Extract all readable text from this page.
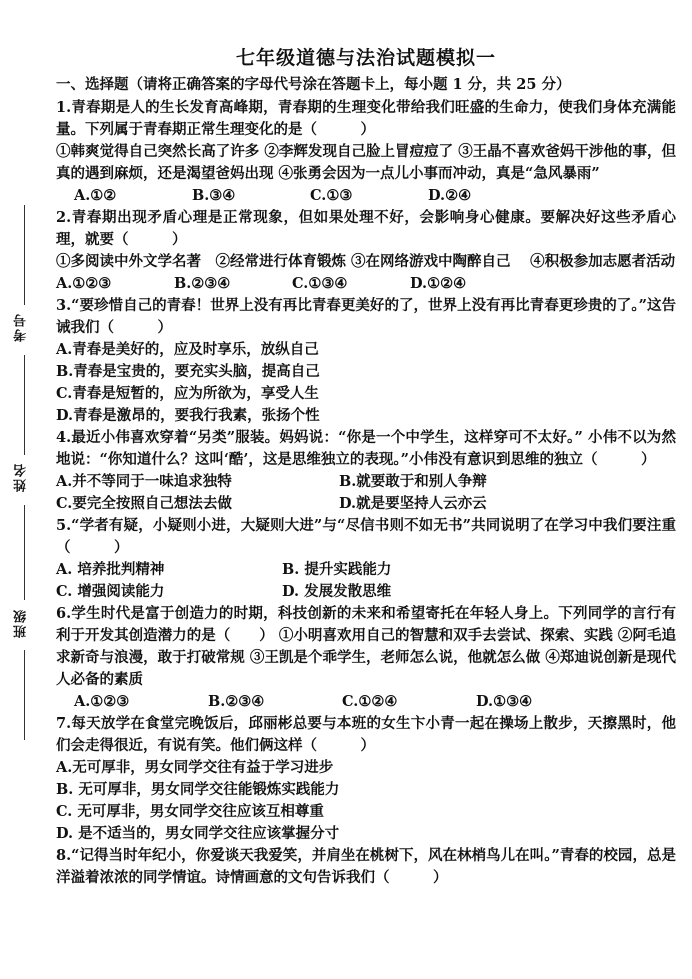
考号
姓名
班级
七年级道德与法治试题模拟一
一、选择题（请将正确答案的字母代号涂在答题卡上，每小题 1 分，共 25 分）
1.青春期是人的生长发育高峰期，青春期的生理变化带给我们旺盛的生命力，使我们身体充满能量。下列属于青春期正常生理变化的是（　　　）
①韩爽觉得自己突然长高了许多 ②李辉发现自己脸上冒痘痘了 ③王晶不喜欢爸妈干涉他的事，但真的遇到麻烦，还是渴望爸妈出现 ④张勇会因为一点儿小事而冲动，真是“急风暴雨”
A.①②	B.③④	C.①③	D.②④
2.青春期出现矛盾心理是正常现象，但如果处理不好，会影响身心健康。要解决好这些矛盾心理，就要（　　　）
①多阅读中外文学名著　②经常进行体育锻炼 ③在网络游戏中陶醉自己　 ④积极参加志愿者活动
A.①②③	B.②③④	C.①③④	D.①②④
3.“要珍惜自己的青春！世界上没有再比青春更美好的了，世界上没有再比青春更珍贵的了。”这告诫我们（　　　）
A.青春是美好的，应及时享乐，放纵自己
B.青春是宝贵的，要充实头脑，提高自己
C.青春是短暂的，应为所欲为，享受人生
D.青春是激昂的，要我行我素，张扬个性
4.最近小伟喜欢穿着“另类”服装。妈妈说：“你是一个中学生，这样穿可不太好。” 小伟不以为然地说：“你知道什么？这叫‘酷’，这是思维独立的表现。”小伟没有意识到思维的独立（　　　）
A.并不等同于一味追求独特	B.就要敢于和别人争辩
C.要完全按照自己想法去做	D.就是要坚持人云亦云
5.“学者有疑，小疑则小进，大疑则大进”与“尽信书则不如无书”共同说明了在学习中我们要注重（　　　）
A. 培养批判精神	B. 提升实践能力
C. 增强阅读能力	D. 发展发散思维
6.学生时代是富于创造力的时期，科技创新的未来和希望寄托在年轻人身上。下列同学的言行有利于开发其创造潜力的是（　　） ①小明喜欢用自己的智慧和双手去尝试、探索、实践 ②阿毛追求新奇与浪漫，敢于打破常规 ③王凯是个乖学生，老师怎么说，他就怎么做 ④郑迪说创新是现代人必备的素质
A.①②③	B.②③④	C.①②④	D.①③④
7.每天放学在食堂完晚饭后，邱丽彬总要与本班的女生卞小青一起在操场上散步，天擦黑时，他们会走得很近，有说有笑。他们俩这样（　　　）
A.无可厚非，男女同学交往有益于学习进步
B. 无可厚非，男女同学交往能锻炼实践能力
C. 无可厚非，男女同学交往应该互相尊重
D. 是不适当的，男女同学交往应该掌握分寸
8.“记得当时年纪小，你爱谈天我爱笑，并肩坐在桃树下，风在林梢鸟儿在叫。”青春的校园，总是洋溢着浓浓的同学情谊。诗情画意的文句告诉我们（　　　）
